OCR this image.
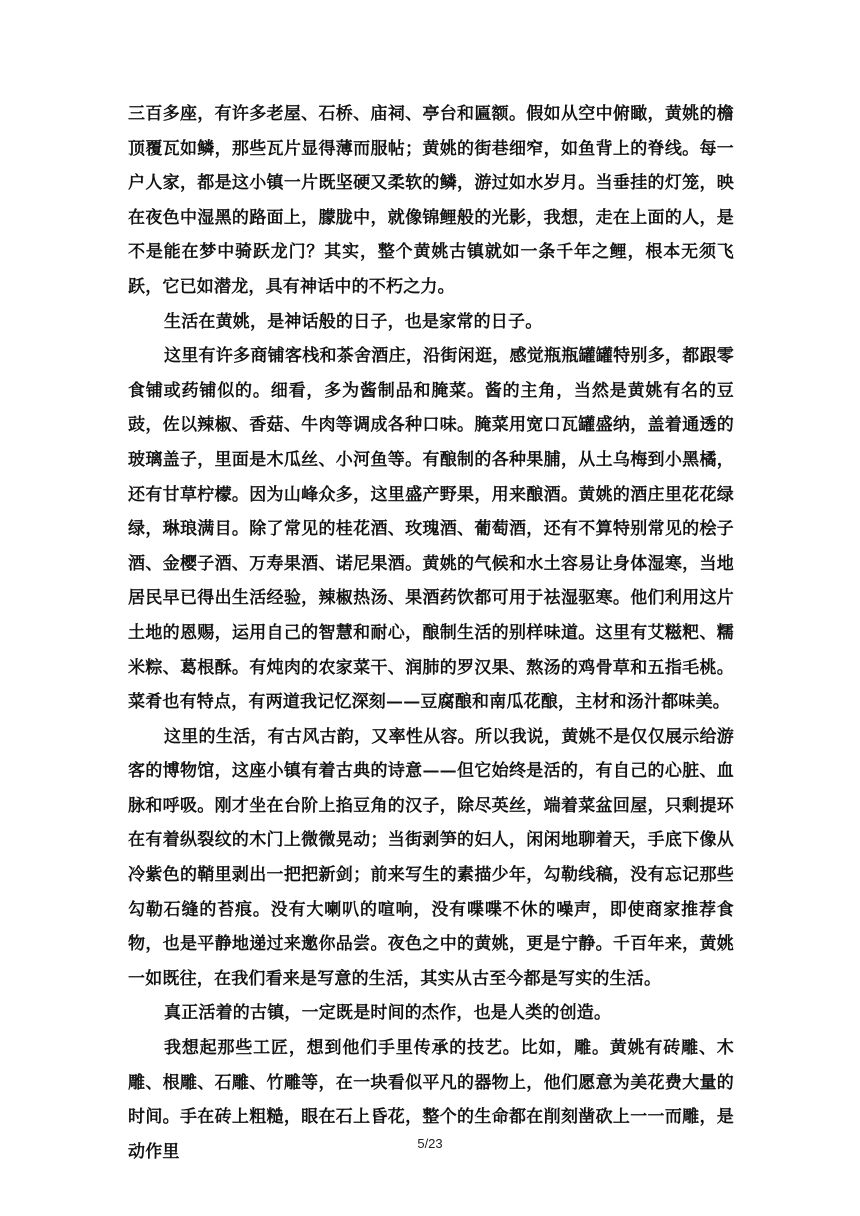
三百多座，有许多老屋、石桥、庙祠、亭台和匾额。假如从空中俯瞰，黄姚的檐顶覆瓦如鳞，那些瓦片显得薄而服帖；黄姚的街巷细窄，如鱼背上的脊线。每一户人家，都是这小镇一片既坚硬又柔软的鳞，游过如水岁月。当垂挂的灯笼，映在夜色中湿黑的路面上，朦胧中，就像锦鲤般的光影，我想，走在上面的人，是不是能在梦中骑跃龙门？其实，整个黄姚古镇就如一条千年之鲤，根本无须飞跃，它已如潜龙，具有神话中的不朽之力。

生活在黄姚，是神话般的日子，也是家常的日子。

这里有许多商铺客栈和茶舍酒庄，沿街闲逛，感觉瓶瓶罐罐特别多，都跟零食铺或药铺似的。细看，多为酱制品和腌菜。酱的主角，当然是黄姚有名的豆豉，佐以辣椒、香菇、牛肉等调成各种口味。腌菜用宽口瓦罐盛纳，盖着通透的玻璃盖子，里面是木瓜丝、小河鱼等。有酿制的各种果脯，从土乌梅到小黑橘，还有甘草柠檬。因为山峰众多，这里盛产野果，用来酿酒。黄姚的酒庄里花花绿绿，琳琅满目。除了常见的桂花酒、玫瑰酒、葡萄酒，还有不算特别常见的桧子酒、金樱子酒、万寿果酒、诺尼果酒。黄姚的气候和水土容易让身体湿寒，当地居民早已得出生活经验，辣椒热汤、果酒药饮都可用于祛湿驱寒。他们利用这片土地的恩赐，运用自己的智慧和耐心，酿制生活的别样味道。这里有艾糍粑、糯米粽、葛根酥。有炖肉的农家菜干、润肺的罗汉果、熬汤的鸡骨草和五指毛桃。菜肴也有特点，有两道我记忆深刻——豆腐酿和南瓜花酿，主材和汤汁都味美。

这里的生活，有古风古韵，又率性从容。所以我说，黄姚不是仅仅展示给游客的博物馆，这座小镇有着古典的诗意——但它始终是活的，有自己的心脏、血脉和呼吸。刚才坐在台阶上掐豆角的汉子，除尽英丝，端着菜盆回屋，只剩提环在有着纵裂纹的木门上微微晃动；当街剥笋的妇人，闲闲地聊着天，手底下像从冷紫色的鞘里剥出一把把新剑；前来写生的素描少年，勾勒线稿，没有忘记那些勾勒石缝的苔痕。没有大喇叭的喧响，没有喋喋不休的噪声，即使商家推荐食物，也是平静地递过来邀你品尝。夜色之中的黄姚，更是宁静。千百年来，黄姚一如既往，在我们看来是写意的生活，其实从古至今都是写实的生活。

真正活着的古镇，一定既是时间的杰作，也是人类的创造。

我想起那些工匠，想到他们手里传承的技艺。比如，雕。黄姚有砖雕、木雕、根雕、石雕、竹雕等，在一块看似平凡的器物上，他们愿意为美花费大量的时间。手在砖上粗糙，眼在石上昏花，整个的生命都在削刻凿砍上一一而雕，是动作里	5/23
